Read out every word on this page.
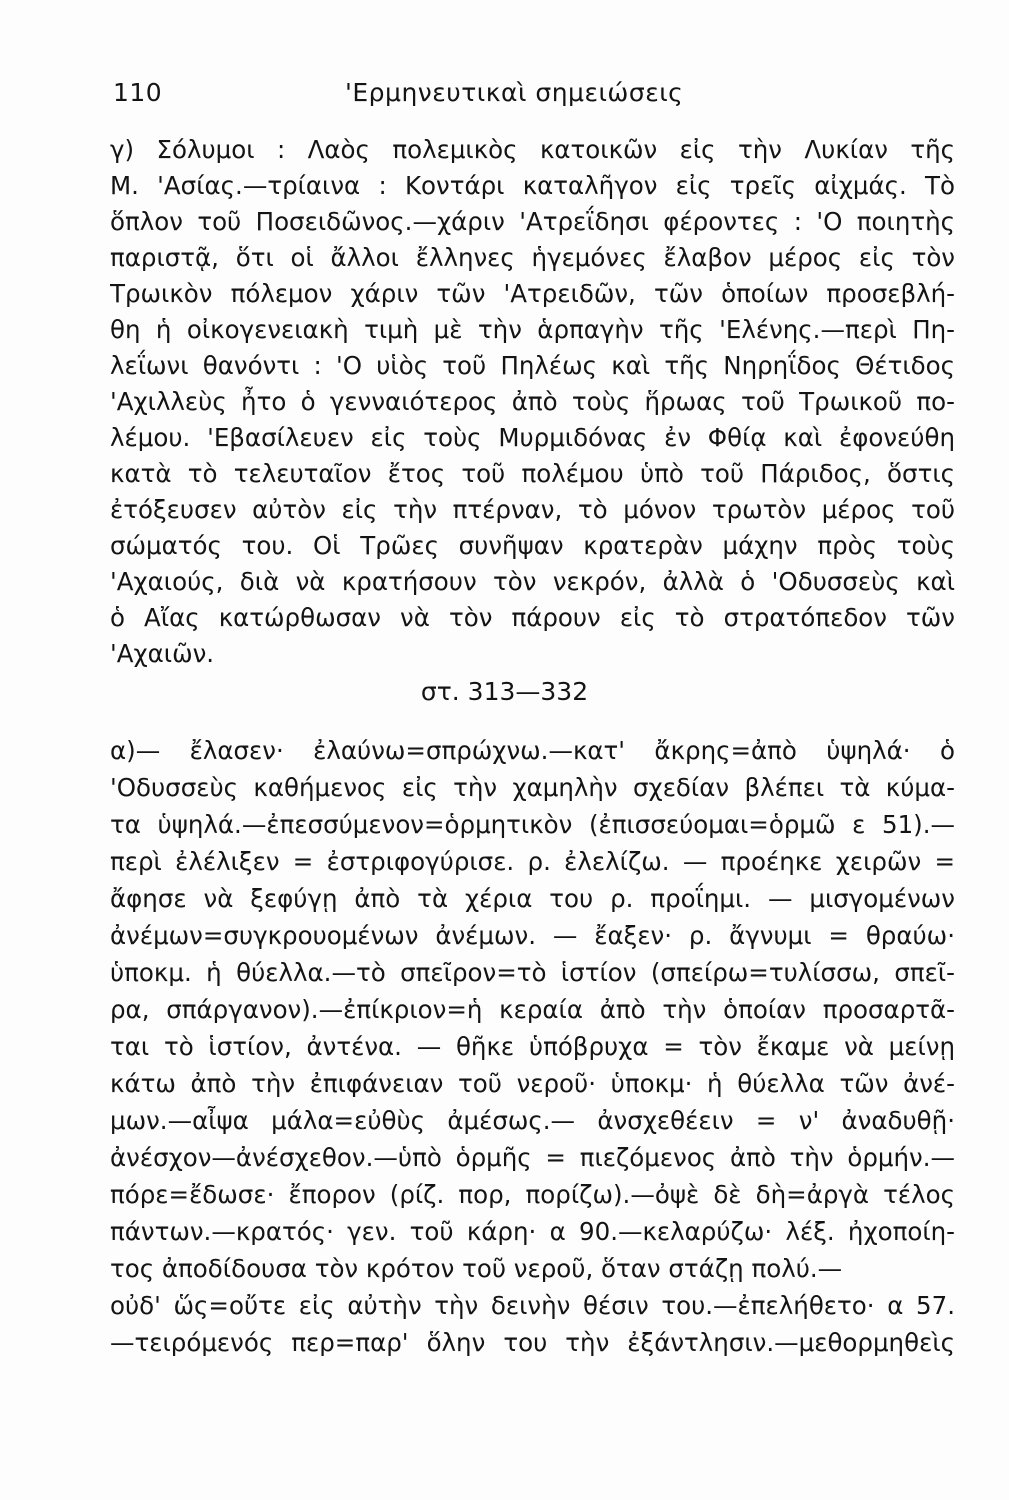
110	'Ερμηνευτικαὶ σημειώσεις
γ) Σόλυμοι : Λαὸς πολεμικὸς κατοικῶν εἰς τὴν Λυκίαν τῆς
Μ. 'Ασίας.—τρίαινα : Κοντάρι καταλῆγον εἰς τρεῖς αἰχμάς. Τὸ
ὅπλον τοῦ Ποσειδῶνος.—χάριν 'Ατρεΐδησι φέροντες : 'Ο ποιητὴς
παριστᾷ, ὅτι οἱ ἄλλοι ἔλληνες ἡγεμόνες ἔλαβον μέρος εἰς τὸν
Τρωικὸν πόλεμον χάριν τῶν 'Ατρειδῶν, τῶν ὁποίων προσεβλή-
θη ἡ οἰκογενειακὴ τιμὴ μὲ τὴν ἁρπαγὴν τῆς 'Ελένης.—περὶ Πη-
λεΐωνι θανόντι : 'Ο υἱὸς τοῦ Πηλέως καὶ τῆς Νηρηΐδος Θέτιδος
'Αχιλλεὺς ἦτο ὁ γενναιότερος ἀπὸ τοὺς ἥρωας τοῦ Τρωικοῦ πο-
λέμου. 'Εβασίλευεν εἰς τοὺς Μυρμιδόνας ἐν Φθίᾳ καὶ ἐφονεύθη
κατὰ τὸ τελευταῖον ἔτος τοῦ πολέμου ὑπὸ τοῦ Πάριδος, ὅστις
ἐτόξευσεν αὐτὸν εἰς τὴν πτέρναν, τὸ μόνον τρωτὸν μέρος τοῦ
σώματός του. Οἱ Τρῶες συνῆψαν κρατερὰν μάχην πρὸς τοὺς
'Αχαιούς, διὰ νὰ κρατήσουν τὸν νεκρόν, ἀλλὰ ὁ 'Οδυσσεὺς καὶ
ὁ Αἴας κατώρθωσαν νὰ τὸν πάρουν εἰς τὸ στρατόπεδον τῶν
'Αχαιῶν.
στ. 313—332
α)— ἔλασεν· ἐλαύνω=σπρώχνω.—κατ' ἄκρης=ἀπὸ ὑψηλά· ὁ
'Οδυσσεὺς καθήμενος εἰς τὴν χαμηλὴν σχεδίαν βλέπει τὰ κύμα-
τα ὑψηλά.—ἐπεσσύμενον=ὁρμητικὸν (ἐπισσεύομαι=ὁρμῶ ε 51).—
περὶ ἐλέλιξεν = ἐστριφογύρισε. ρ. ἐλελίζω. — προέηκε χειρῶν =
ἄφησε νὰ ξεφύγῃ ἀπὸ τὰ χέρια του ρ. προΐημι. — μισγομένων
ἀνέμων=συγκρουομένων ἀνέμων. — ἔαξεν· ρ. ἄγνυμι = θραύω·
ὑποκμ. ἡ θύελλα.—τὸ σπεῖρον=τὸ ἱστίον (σπείρω=τυλίσσω, σπεῖ-
ρα, σπάργανον).—ἐπίκριον=ἡ κεραία ἀπὸ τὴν ὁποίαν προσαρτᾶ-
ται τὸ ἱστίον, ἀντένα. — θῆκε ὑπόβρυχα = τὸν ἔκαμε νὰ μείνῃ
κάτω ἀπὸ τὴν ἐπιφάνειαν τοῦ νεροῦ· ὑποκμ· ἡ θύελλα τῶν ἀνέ-
μων.—αἶψα μάλα=εὐθὺς ἀμέσως.— ἀνσχεθέειν = ν' ἀναδυθῇ·
ἀνέσχον—ἀνέσχεθον.—ὑπὸ ὁρμῆς = πιεζόμενος ἀπὸ τὴν ὁρμήν.—
πόρε=ἔδωσε· ἔπορον (ρίζ. πορ, πορίζω).—ὀψὲ δὲ δὴ=ἀργὰ τέλος
πάντων.—κρατός· γεν. τοῦ κάρη· α 90.—κελαρύζω· λέξ. ἠχοποίη-
τος ἀποδίδουσα τὸν κρότον τοῦ νεροῦ, ὅταν στάζῃ πολύ.—
οὐδ' ὥς=οὔτε εἰς αὐτὴν τὴν δεινὴν θέσιν του.—ἐπελήθετο· α 57.
—τειρόμενός περ=παρ' ὅλην του τὴν ἐξάντλησιν.—μεθορμηθεὶς
